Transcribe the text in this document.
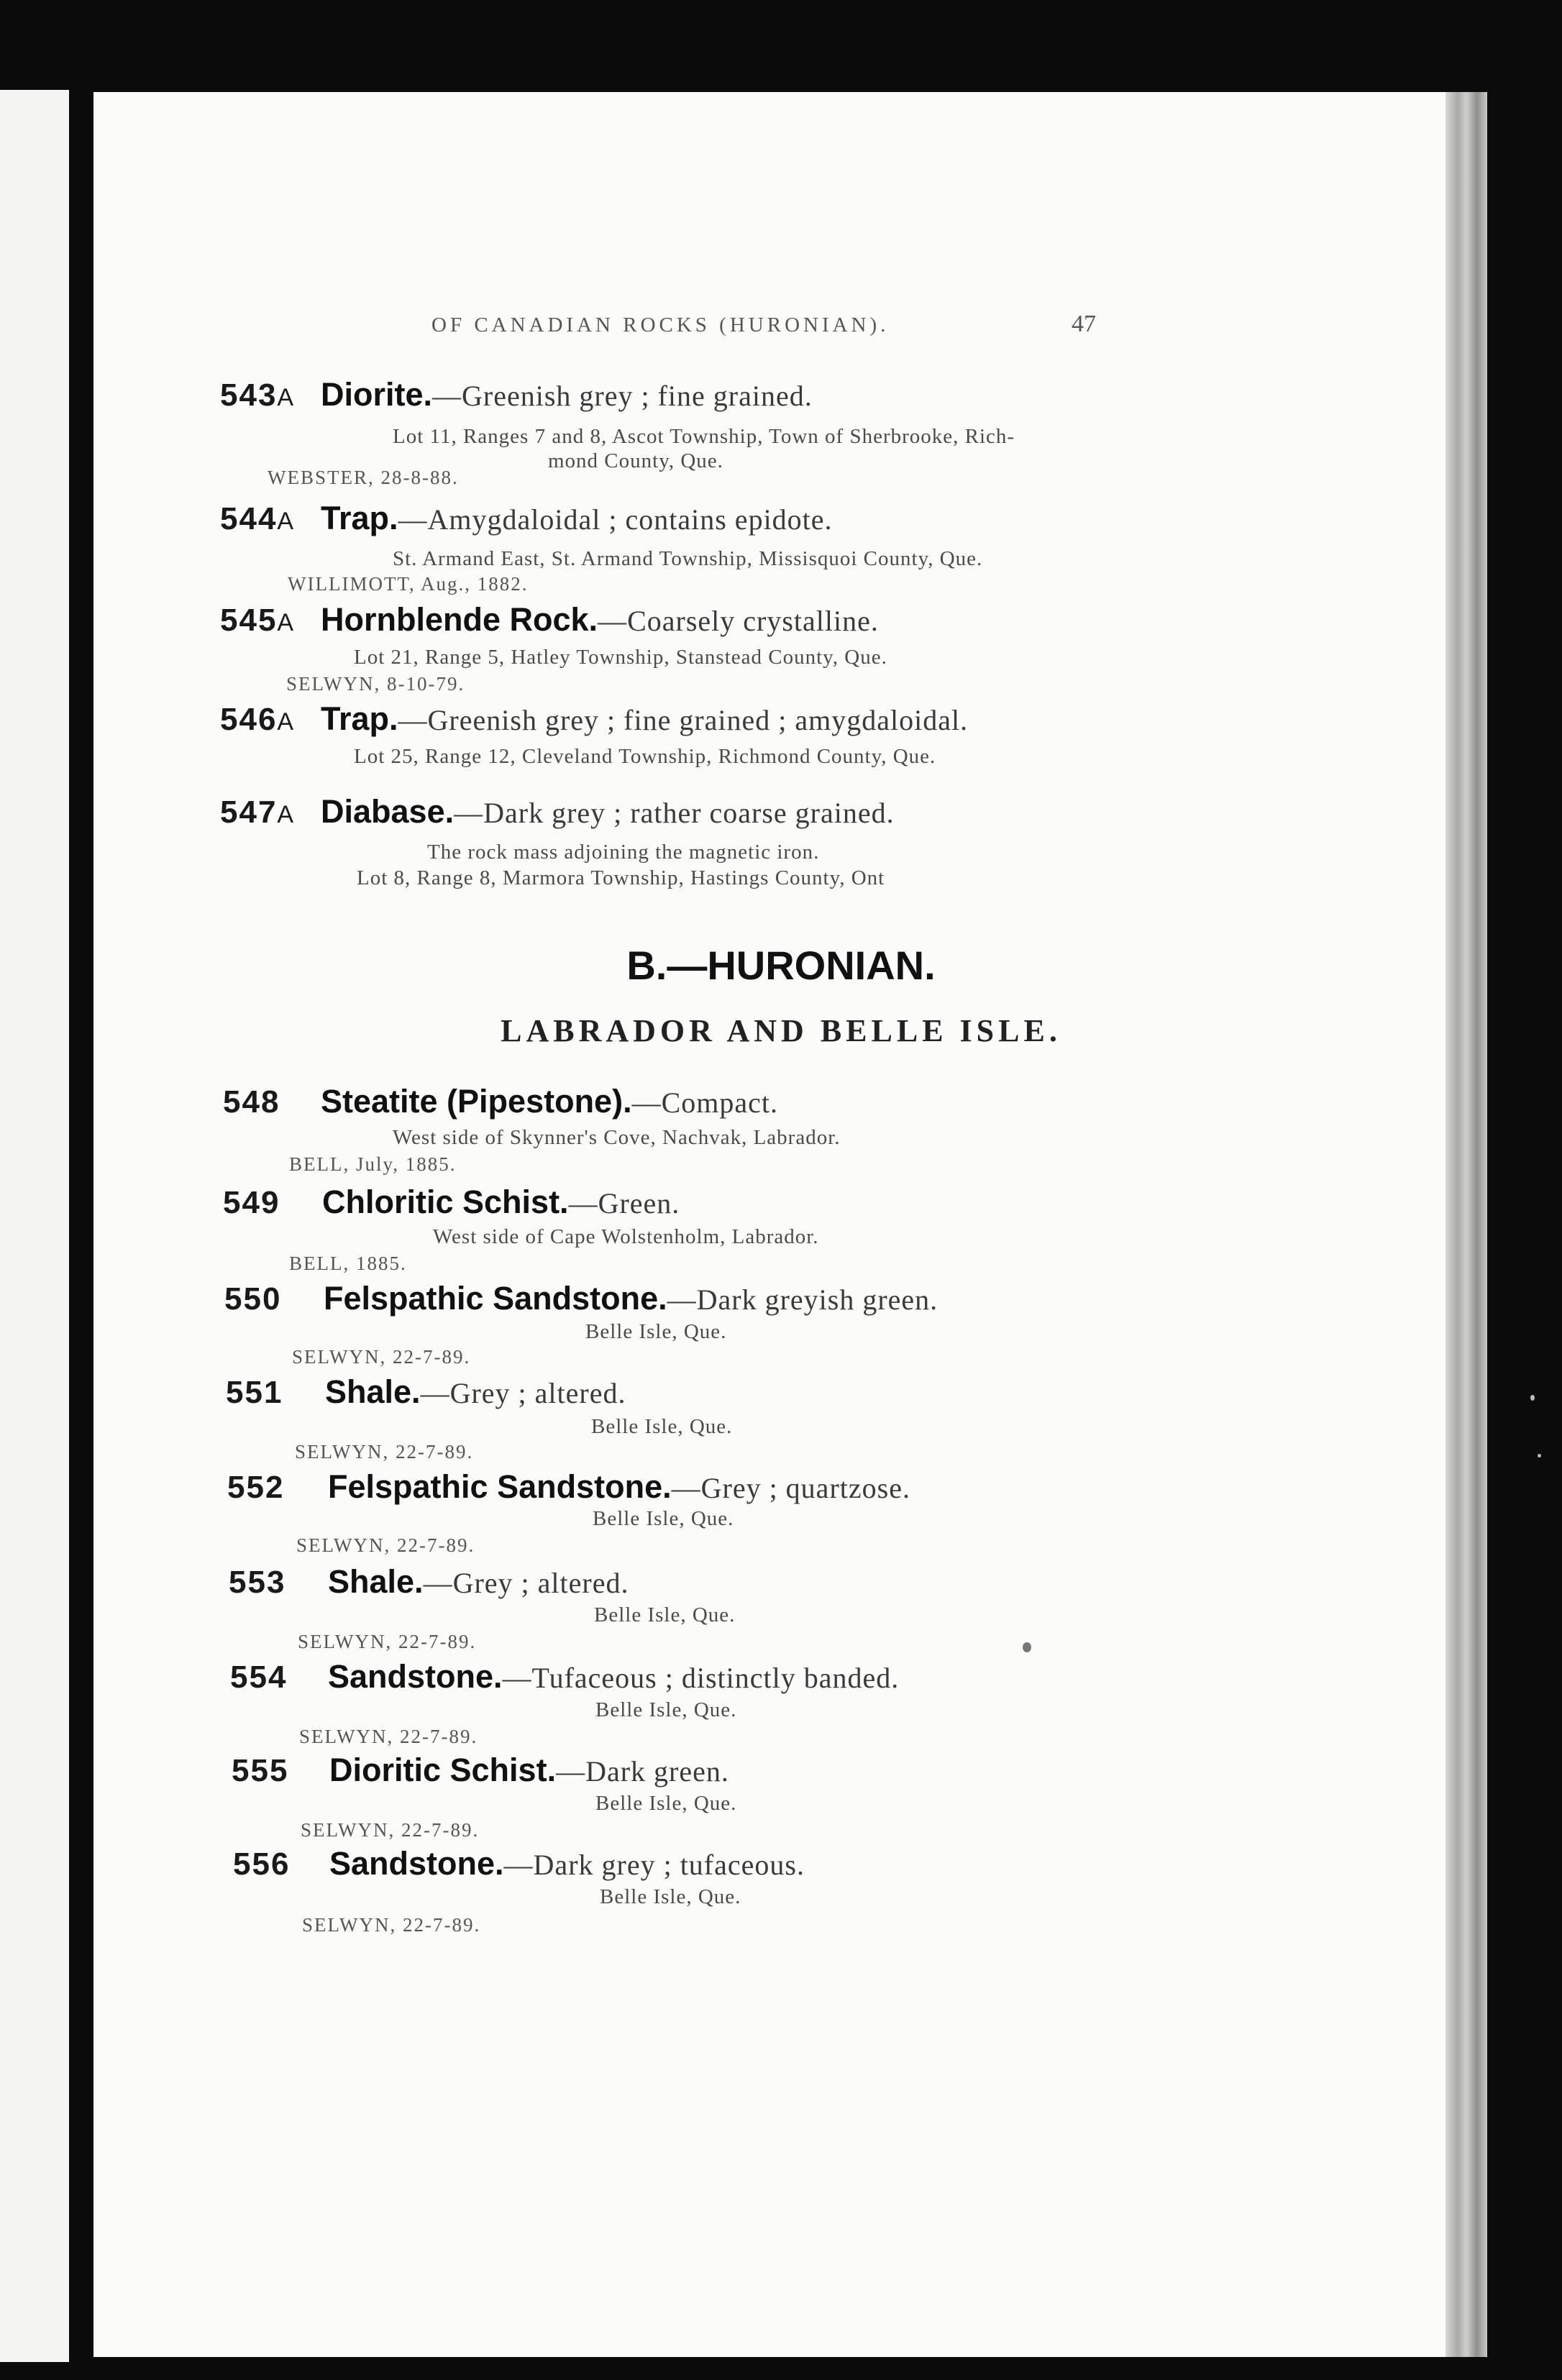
OF CANADIAN ROCKS (HURONIAN).	47
543A Diorite.—Greenish grey ; fine grained.
Lot 11, Ranges 7 and 8, Ascot Township, Town of Sherbrooke, Rich-
mond County, Que.
WEBSTER, 28-8-88.
544A Trap.—Amygdaloidal ; contains epidote.
St. Armand East, St. Armand Township, Missisquoi County, Que.
WILLIMOTT, Aug., 1882.
545A Hornblende Rock.—Coarsely crystalline.
Lot 21, Range 5, Hatley Township, Stanstead County, Que.
SELWYN, 8-10-79.
546A Trap.—Greenish grey ; fine grained ; amygdaloidal.
Lot 25, Range 12, Cleveland Township, Richmond County, Que.
547A Diabase.—Dark grey ; rather coarse grained.
The rock mass adjoining the magnetic iron.
Lot 8, Range 8, Marmora Township, Hastings County, Ont
B.—HURONIAN.
LABRADOR AND BELLE ISLE.
548 Steatite (Pipestone).—Compact.
West side of Skynner's Cove, Nachvak, Labrador.
BELL, July, 1885.
549 Chloritic Schist.—Green.
West side of Cape Wolstenholm, Labrador.
BELL, 1885.
550 Felspathic Sandstone.—Dark greyish green.
Belle Isle, Que.
SELWYN, 22-7-89.
551 Shale.—Grey ; altered.
Belle Isle, Que.
SELWYN, 22-7-89.
552 Felspathic Sandstone.—Grey ; quartzose.
Belle Isle, Que.
SELWYN, 22-7-89.
553 Shale.—Grey ; altered.
Belle Isle, Que.
SELWYN, 22-7-89.
554 Sandstone.—Tufaceous ; distinctly banded.
Belle Isle, Que.
SELWYN, 22-7-89.
555 Dioritic Schist.—Dark green.
Belle Isle, Que.
SELWYN, 22-7-89.
556 Sandstone.—Dark grey ; tufaceous.
Belle Isle, Que.
SELWYN, 22-7-89.
